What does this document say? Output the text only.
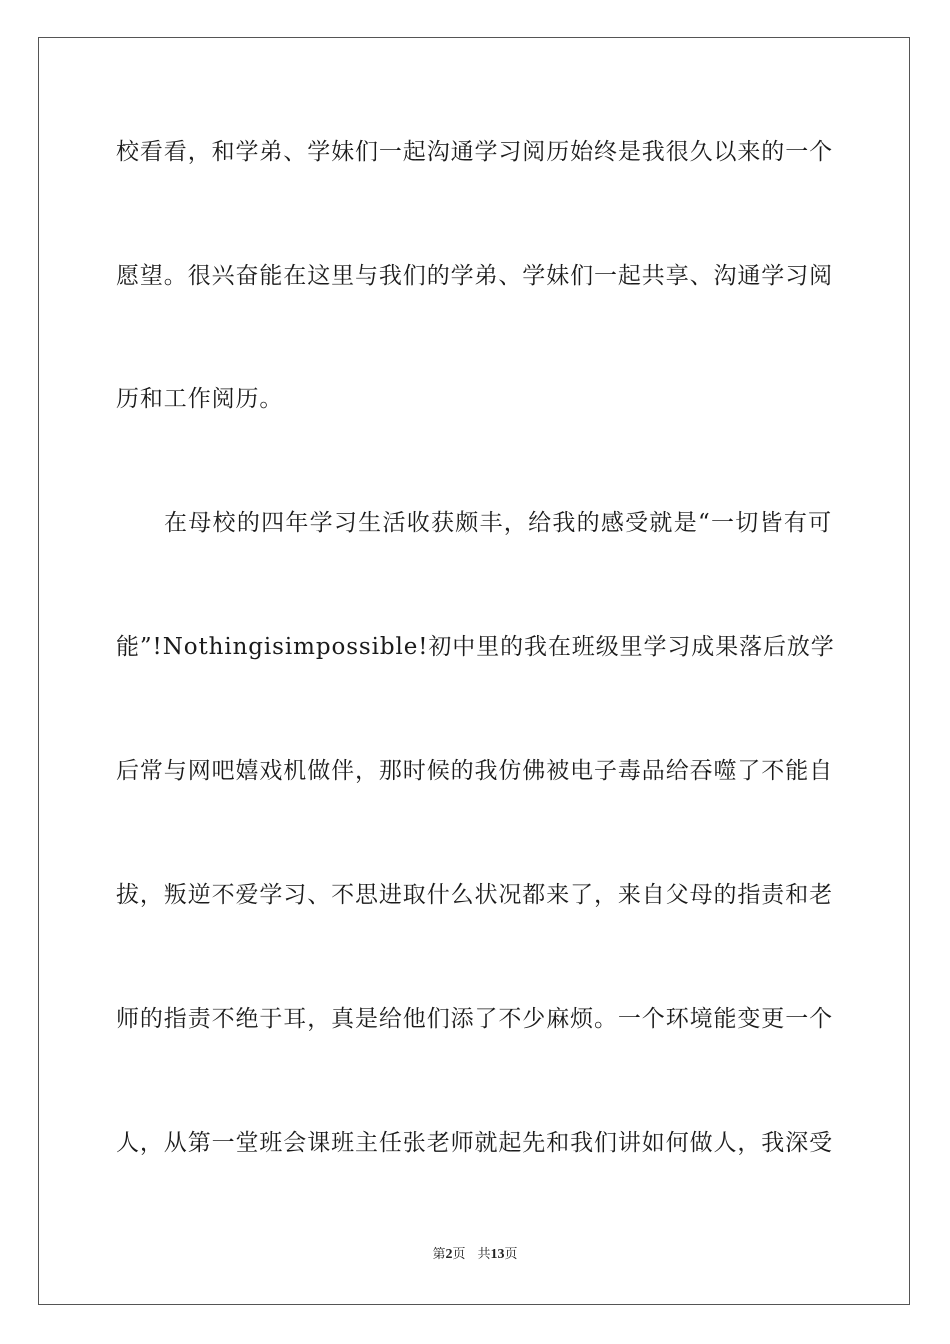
校看看，和学弟、学妹们一起沟通学习阅历始终是我很久以来的一个

愿望。很兴奋能在这里与我们的学弟、学妹们一起共享、沟通学习阅

历和工作阅历。

在母校的四年学习生活收获颇丰，给我的感受就是“一切皆有可

能”!Nothingisimpossible!初中里的我在班级里学习成果落后放学

后常与网吧嬉戏机做伴，那时候的我仿佛被电子毒品给吞噬了不能自

拔，叛逆不爱学习、不思进取什么状况都来了，来自父母的指责和老

师的指责不绝于耳，真是给他们添了不少麻烦。一个环境能变更一个

人，从第一堂班会课班主任张老师就起先和我们讲如何做人，我深受

第2页 共13页
